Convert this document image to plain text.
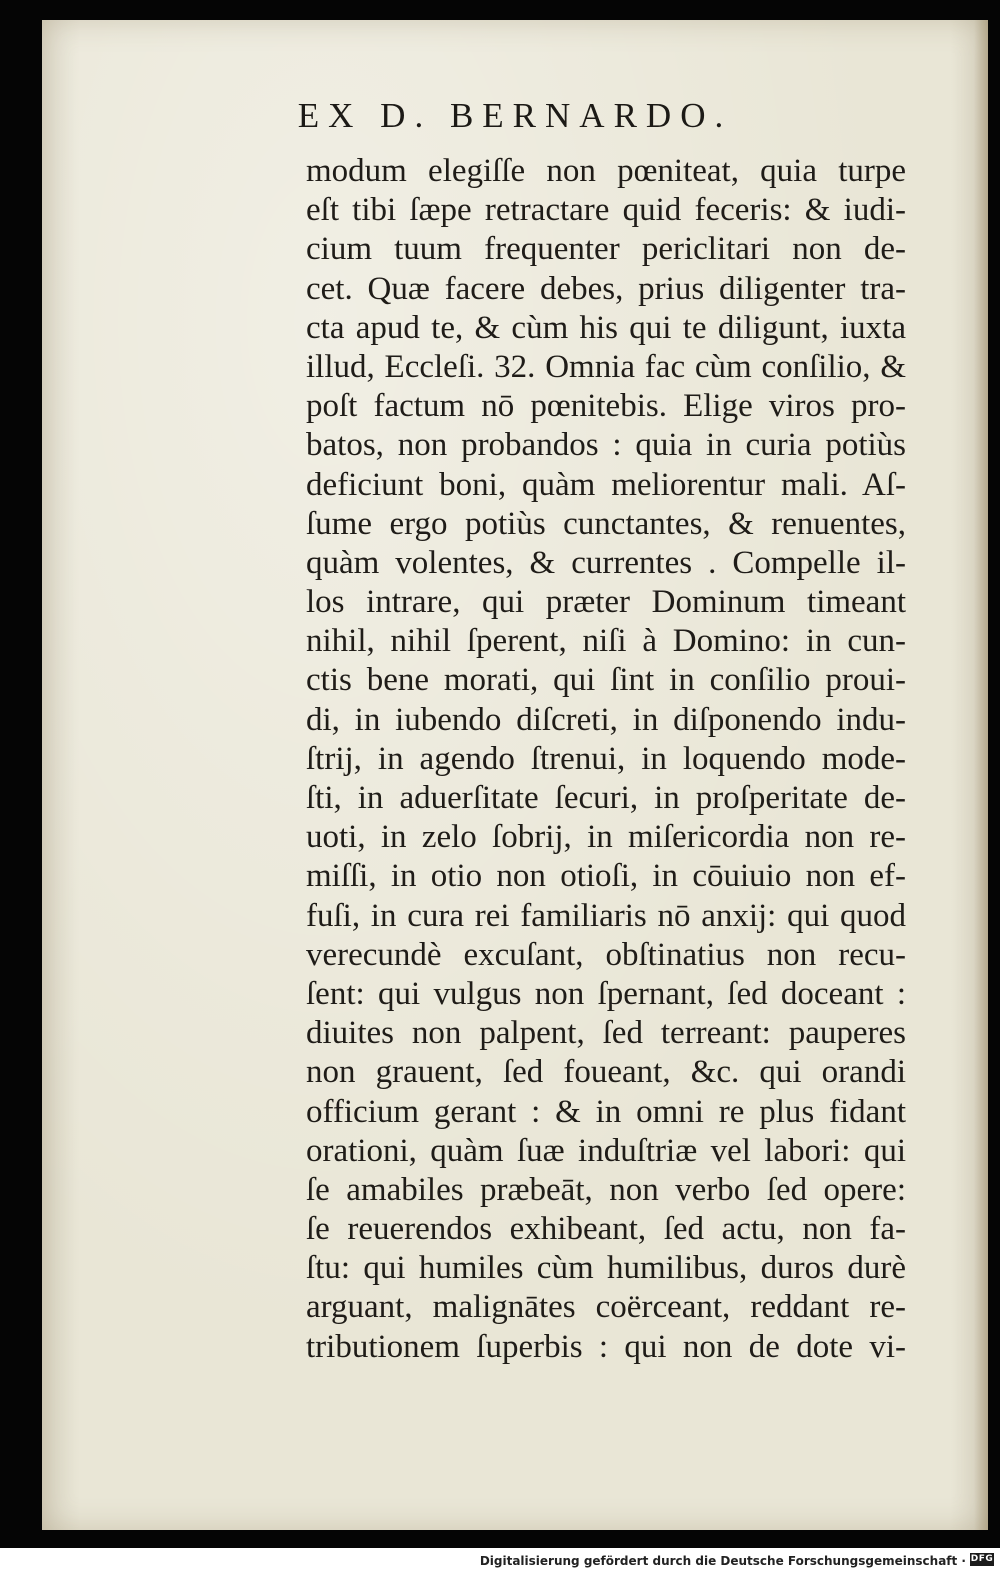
EX D. BERNARDO.
modum elegiſſe non pœniteat, quia turpe
eſt tibi ſæpe retractare quid feceris: & iudi-
cium tuum frequenter periclitari non de-
cet. Quæ facere debes, prius diligenter tra-
cta apud te, & cùm his qui te diligunt, iuxta
illud, Eccleſi. 32. Omnia fac cùm conſilio, &
poſt factum nō pœnitebis. Elige viros pro-
batos, non probandos : quia in curia potiùs
deficiunt boni, quàm meliorentur mali. Aſ-
ſume ergo potiùs cunctantes, & renuentes,
quàm volentes, & currentes . Compelle il-
los intrare, qui præter Dominum timeant
nihil, nihil ſperent, niſi à Domino: in cun-
ctis bene morati, qui ſint in conſilio proui-
di, in iubendo diſcreti, in diſponendo indu-
ſtrij, in agendo ſtrenui, in loquendo mode-
ſti, in aduerſitate ſecuri, in proſperitate de-
uoti, in zelo ſobrij, in miſericordia non re-
miſſi, in otio non otioſi, in cōuiuio non ef-
fuſi, in cura rei familiaris nō anxij: qui quod
verecundè excuſant, obſtinatius non recu-
ſent: qui vulgus non ſpernant, ſed doceant :
diuites non palpent, ſed terreant: pauperes
non grauent, ſed foueant, &c. qui orandi
officium gerant : & in omni re plus fidant
orationi, quàm ſuæ induſtriæ vel labori: qui
ſe amabiles præbeāt, non verbo ſed opere:
ſe reuerendos exhibeant, ſed actu, non fa-
ſtu: qui humiles cùm humilibus, duros durè
arguant, malignātes coërceant, reddant re-
tributionem ſuperbis : qui non de dote vi-
Digitalisierung gefördert durch die Deutsche Forschungsgemeinschaft · DFG
